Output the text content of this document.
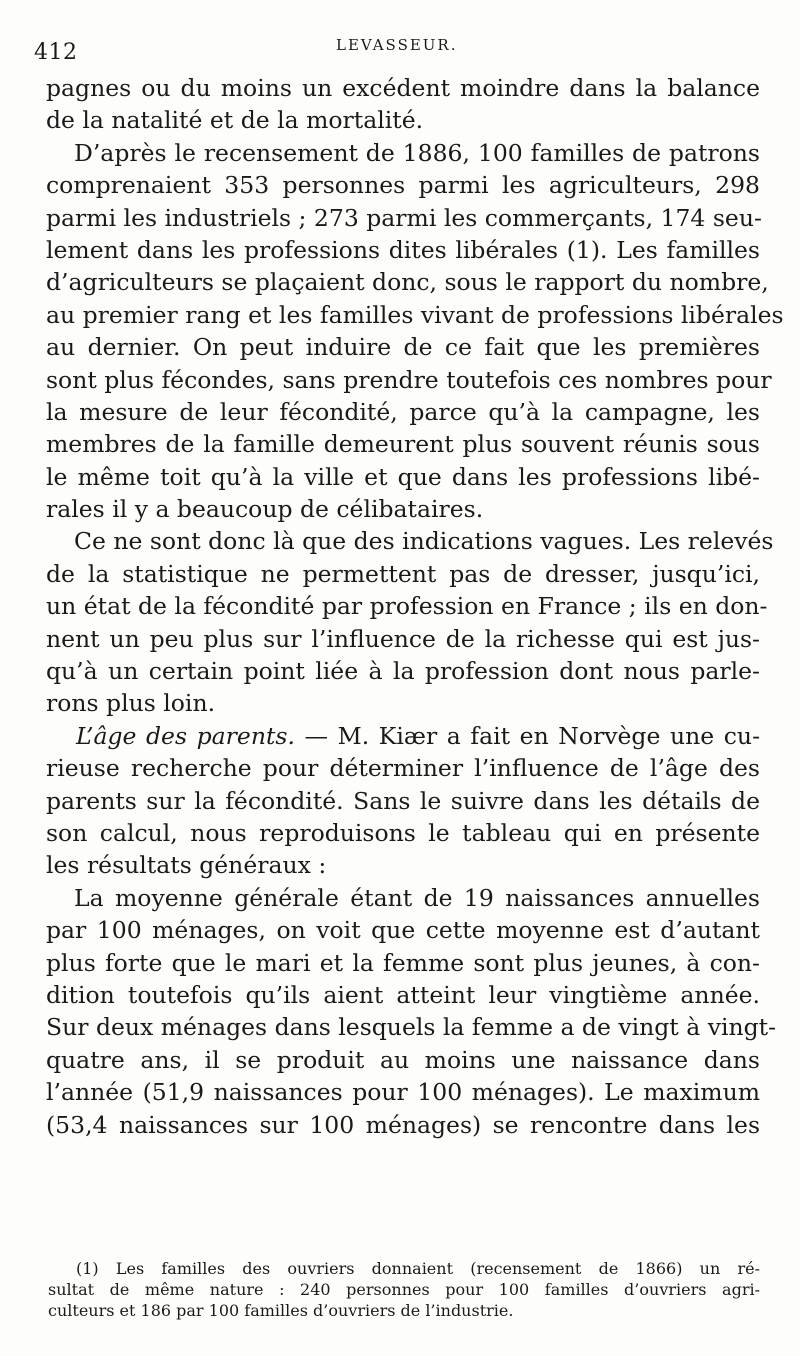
412	LEVASSEUR.
pagnes ou du moins un excédent moindre dans la balance
de la natalité et de la mortalité.
D’après le recensement de 1886, 100 familles de patrons
comprenaient 353 personnes parmi les agriculteurs, 298
parmi les industriels ; 273 parmi les commerçants, 174 seu-
lement dans les professions dites libérales (1). Les familles
d’agriculteurs se plaçaient donc, sous le rapport du nombre,
au premier rang et les familles vivant de professions libérales
au dernier. On peut induire de ce fait que les premières
sont plus fécondes, sans prendre toutefois ces nombres pour
la mesure de leur fécondité, parce qu’à la campagne, les
membres de la famille demeurent plus souvent réunis sous
le même toit qu’à la ville et que dans les professions libé-
rales il y a beaucoup de célibataires.
Ce ne sont donc là que des indications vagues. Les relevés
de la statistique ne permettent pas de dresser, jusqu’ici,
un état de la fécondité par profession en France ; ils en don-
nent un peu plus sur l’influence de la richesse qui est jus-
qu’à un certain point liée à la profession dont nous parle-
rons plus loin.
L’âge des parents. — M. Kiær a fait en Norvège une cu-
rieuse recherche pour déterminer l’influence de l’âge des
parents sur la fécondité. Sans le suivre dans les détails de
son calcul, nous reproduisons le tableau qui en présente
les résultats généraux :
La moyenne générale étant de 19 naissances annuelles
par 100 ménages, on voit que cette moyenne est d’autant
plus forte que le mari et la femme sont plus jeunes, à con-
dition toutefois qu’ils aient atteint leur vingtième année.
Sur deux ménages dans lesquels la femme a de vingt à vingt-
quatre ans, il se produit au moins une naissance dans
l’année (51,9 naissances pour 100 ménages). Le maximum
(53,4 naissances sur 100 ménages) se rencontre dans les
(1) Les familles des ouvriers donnaient (recensement de 1866) un ré-
sultat de même nature : 240 personnes pour 100 familles d’ouvriers agri-
culteurs et 186 par 100 familles d’ouvriers de l’industrie.
